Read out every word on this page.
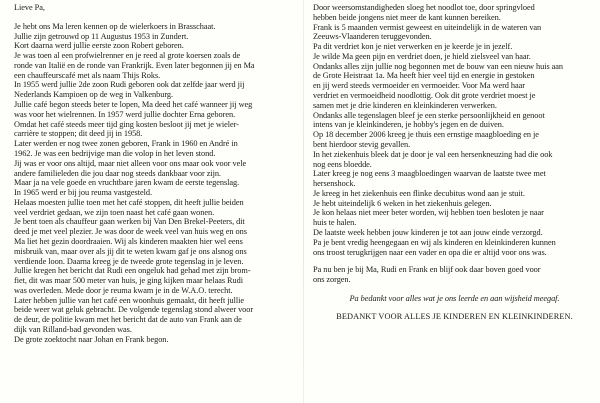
Lieve Pa,

Je hebt ons Ma leren kennen op de wielerkoers in Brasschaat.

Jullie zijn getrouwd op 11 Augustus 1953 in Zundert.

Kort daarna werd jullie eerste zoon Robert geboren.

Je was toen al een profwielrenner en je reed al grote koersen zoals de

ronde van Italië en de ronde van Frankrijk. Even later begonnen jij en Ma

een chauffeurscafé met als naam Thijs Roks.

In 1955 werd jullie 2de zoon Rudi geboren ook dat zelfde jaar werd jij

Nederlands Kampioen op de weg in Valkenburg.

Jullie café begon steeds beter te lopen, Ma deed het café wanneer jij weg

was voor het wielrennen. In 1957 werd jullie dochter Erna geboren.

Omdat het café steeds meer tijd ging kosten besloot jij met je wieler-

carrière te stoppen; dit deed jij in 1958.

Later werden er nog twee zonen geboren, Frank in 1960 en André in

1962. Je was een bedrijvige man die volop in het leven stond.

Jij was er voor ons altijd, maar niet alleen voor ons maar ook voor vele

andere familieleden die jou daar nog steeds dankbaar voor zijn.

Maar ja na vele goede en vruchtbare jaren kwam de eerste tegenslag.

In 1965 werd er bij jou reuma vastgesteld.

Helaas moesten jullie toen met het café stoppen, dit heeft jullie beiden

veel verdriet gedaan, we zijn toen naast het café gaan wonen.

Je bent toen als chauffeur gaan werken bij Van Den Brekel-Peeters, dit

deed je met veel plezier. Je was door de week veel van huis weg en ons

Ma liet het gezin doordraaien. Wij als kinderen maakten hier wel eens

misbruik van, maar over als jij dit te weten kwam gaf je ons alsnog ons

verdiende loon. Daarna kreeg je de tweede grote tegenslag in je leven.

Jullie kregen het bericht dat Rudi een ongeluk had gehad met zijn brom-

fiet, dit was maar 500 meter van huis, je ging kijken maar helaas Rudi

was overleden. Mede door je reuma kwam je in de W.A.O. terecht.

Later hebben jullie van het café een woonhuis gemaakt, dit heeft jullie

beide weer wat geluk gebracht. De volgende tegenslag stond alweer voor

de deur, de politie kwam met het bericht dat de auto van Frank aan de

dijk van Rilland-bad gevonden was.

De grote zoektocht naar Johan en Frank begon.

Door weersomstandigheden sloeg het noodlot toe, door springvloed

hebben beide jongens niet meer de kant kunnen bereiken.

Frank is 5 maanden vermist geweest en uiteindelijk in de wateren van

Zeeuws-Vlaanderen teruggevonden.

Pa dit verdriet kon je niet verwerken en je keerde je in jezelf.

Je wilde Ma geen pijn en verdriet doen, je hield zielsveel van haar.

Ondanks alles zijn jullie nog begonnen met de bouw van een nieuw huis aan

de Grote Heistraat 1a. Ma heeft hier veel tijd en energie in gestoken

en jij werd steeds vermoeider en vermoeider. Voor Ma werd haar

verdriet en vermoeidheid noodlottig. Ook dit grote verdriet moest je

samen met je drie kinderen en kleinkinderen verwerken.

Ondanks alle tegenslagen bleef je een sterke persoonlijkheid en genoot

intens van je kleinkinderen, je hobby's jegen en de duiven.

Op 18 december 2006 kreeg je thuis een ernstige maagbloeding en je

bent hierdoor stevig gevallen.

In het ziekenhuis bleek dat je door je val een hersenkneuzing had die ook

nog eens bloedde.

Later kreeg je nog eens 3 maagbloedingen waarvan de laatste twee met

hersenshock.

Je kreeg in het ziekenhuis een flinke decubitus wond aan je stuit.

Je hebt uiteindelijk 6 weken in het ziekenhuis gelegen.

Je kon helaas niet meer beter worden, wij hebben toen besloten je naar

huis te halen.

De laatste week hebben jouw kinderen je tot aan jouw einde verzorgd.

Pa je bent vredig heengegaan en wij als kinderen en kleinkinderen kunnen

ons troost terugkrijgen naar een vader en opa die er altijd voor ons was.

Pa nu ben je bij Ma, Rudi en Frank en blijf ook daar boven goed voor

ons zorgen.

Pa bedankt voor alles wat je ons leerde en aan wijsheid meegaf.

BEDANKT VOOR ALLES JE KINDEREN EN KLEINKINDEREN.
